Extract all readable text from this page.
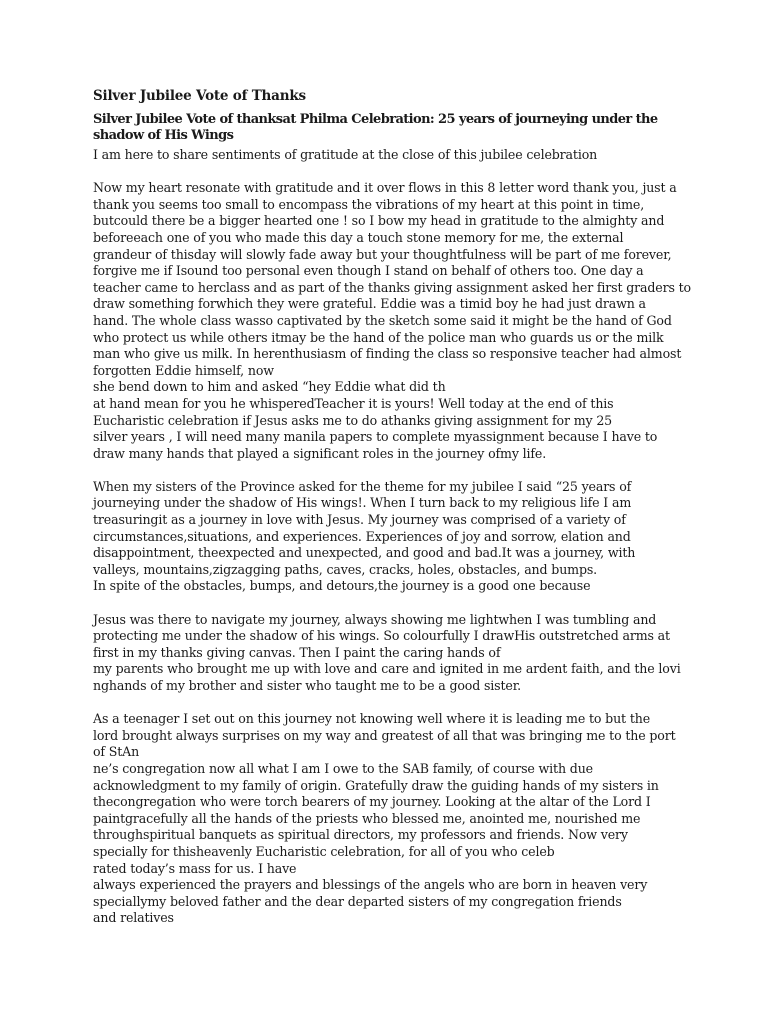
Silver Jubilee Vote of Thanks
Silver Jubilee Vote of thanksat Philma Celebration: 25 years of journeying under the shadow of His Wings
I am here to share sentiments of gratitude at the close of this jubilee celebration
Now my heart resonate with gratitude and it over flows in this 8 letter word thank you, just a
thank you seems too small to encompass the vibrations of my heart at this point in time,
butcould there be a bigger hearted one ! so I bow my head in gratitude to the almighty and
beforeeach one of you who made this day a touch stone memory for me, the external
grandeur of thisday will slowly fade away but your thoughtfulness will be part of me forever,
forgive me if Isound too personal even though I stand on behalf of others too. One day a
teacher came to herclass and as part of the thanks giving assignment asked her first graders to
draw something forwhich they were grateful. Eddie was a timid boy he had just drawn a
hand. The whole class wasso captivated by the sketch some said it might be the hand of God
who protect us while others itmay be the hand of the police man who guards us or the milk
man who give us milk. In herenthusiasm of finding the class so responsive teacher had almost
forgotten Eddie himself, now
she bend down to him and asked “hey Eddie what did th
at hand mean for you he whisperedTeacher it is yours! Well today at the end of this
Eucharistic celebration if Jesus asks me to do athanks giving assignment for my 25
silver years , I will need many manila papers to complete myassignment because I have to
draw many hands that played a significant roles in the journey ofmy life.
When my sisters of the Province asked for the theme for my jubilee I said “25 years of
journeying under the shadow of His wings!. When I turn back to my religious life I am
treasuringit as a journey in love with Jesus. My journey was comprised of a variety of
circumstances,situations, and experiences. Experiences of joy and sorrow, elation and
disappointment, theexpected and unexpected, and good and bad.It was a journey, with
valleys, mountains,zigzagging paths, caves, cracks, holes, obstacles, and bumps.
In spite of the obstacles, bumps, and detours,the journey is a good one because
Jesus was there to navigate my journey, always showing me lightwhen I was tumbling and
protecting me under the shadow of his wings. So colourfully I drawHis outstretched arms at
first in my thanks giving canvas. Then I paint the caring hands of
my parents who brought me up with love and care and ignited in me ardent faith, and the lovi
nghands of my brother and sister who taught me to be a good sister.
As a teenager I set out on this journey not knowing well where it is leading me to but the
lord brought always surprises on my way and greatest of all that was bringing me to the port
of StAn
ne’s congregation now all what I am I owe to the SAB family, of course with due
acknowledgment to my family of origin. Gratefully draw the guiding hands of my sisters in
thecongregation who were torch bearers of my journey. Looking at the altar of the Lord I
paintgracefully all the hands of the priests who blessed me, anointed me, nourished me
throughspiritual banquets as spiritual directors, my professors and friends. Now very
specially for thisheavenly Eucharistic celebration, for all of you who celeb
rated today’s mass for us. I have
always experienced the prayers and blessings of the angels who are born in heaven very
speciallymy beloved father and the dear departed sisters of my congregation friends
and relatives
